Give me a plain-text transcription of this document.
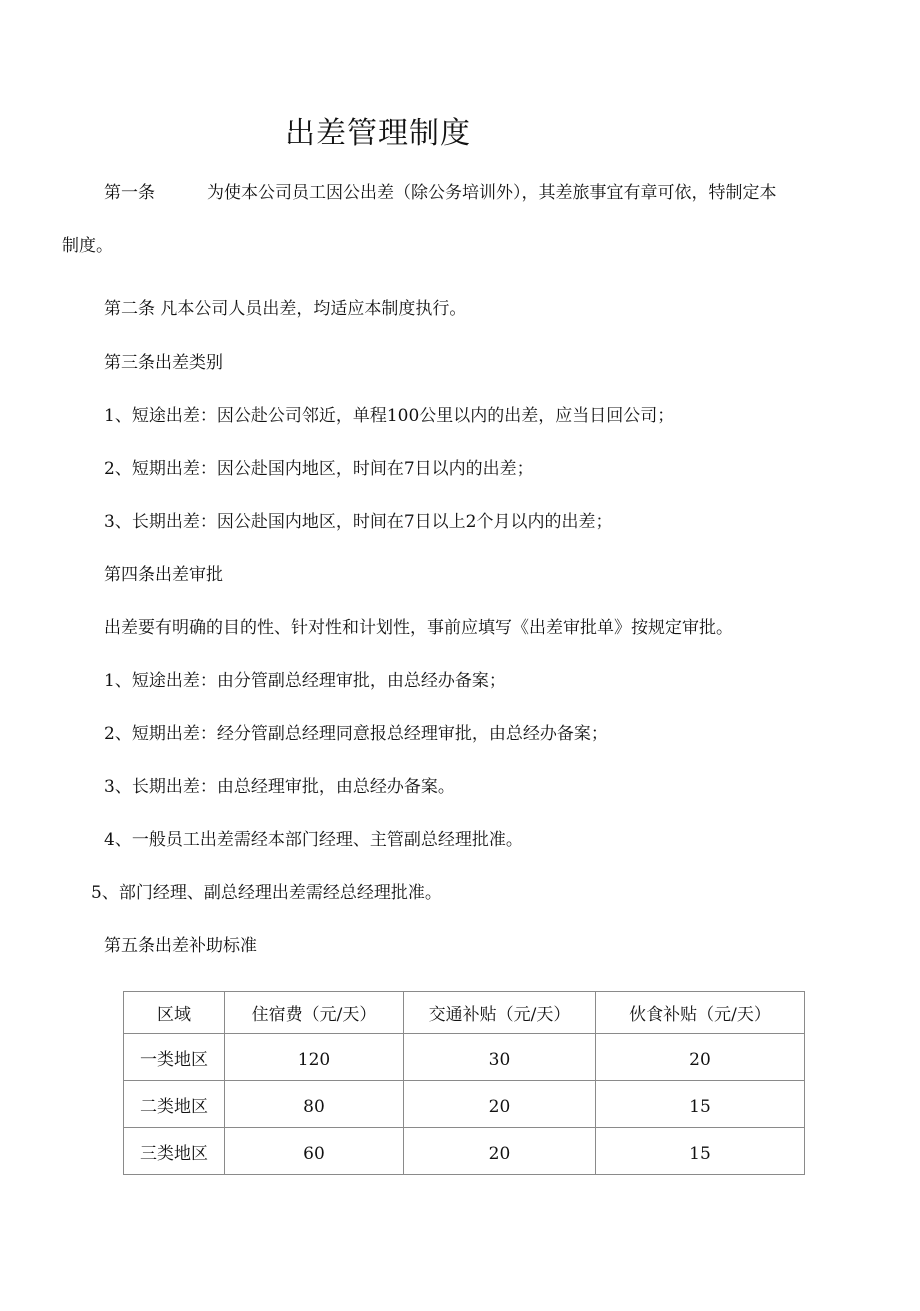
出差管理制度
第一条	为使本公司员工因公出差（除公务培训外），其差旅事宜有章可依，特制定本
制度。
第二条 凡本公司人员出差，均适应本制度执行。
第三条出差类别
1、短途出差：因公赴公司邻近，单程100公里以内的出差，应当日回公司；
2、短期出差：因公赴国内地区，时间在7日以内的出差；
3、长期出差：因公赴国内地区，时间在7日以上2个月以内的出差；
第四条出差审批
出差要有明确的目的性、针对性和计划性，事前应填写《出差审批单》按规定审批。
1、短途出差：由分管副总经理审批，由总经办备案；
2、短期出差：经分管副总经理同意报总经理审批，由总经办备案；
3、长期出差：由总经理审批，由总经办备案。
4、一般员工出差需经本部门经理、主管副总经理批准。
5、部门经理、副总经理出差需经总经理批准。
第五条出差补助标准
区域	住宿费（元/天）	交通补贴（元/天）	伙食补贴（元/天）
一类地区	120	30	20
二类地区	80	20	15
三类地区	60	20	15
